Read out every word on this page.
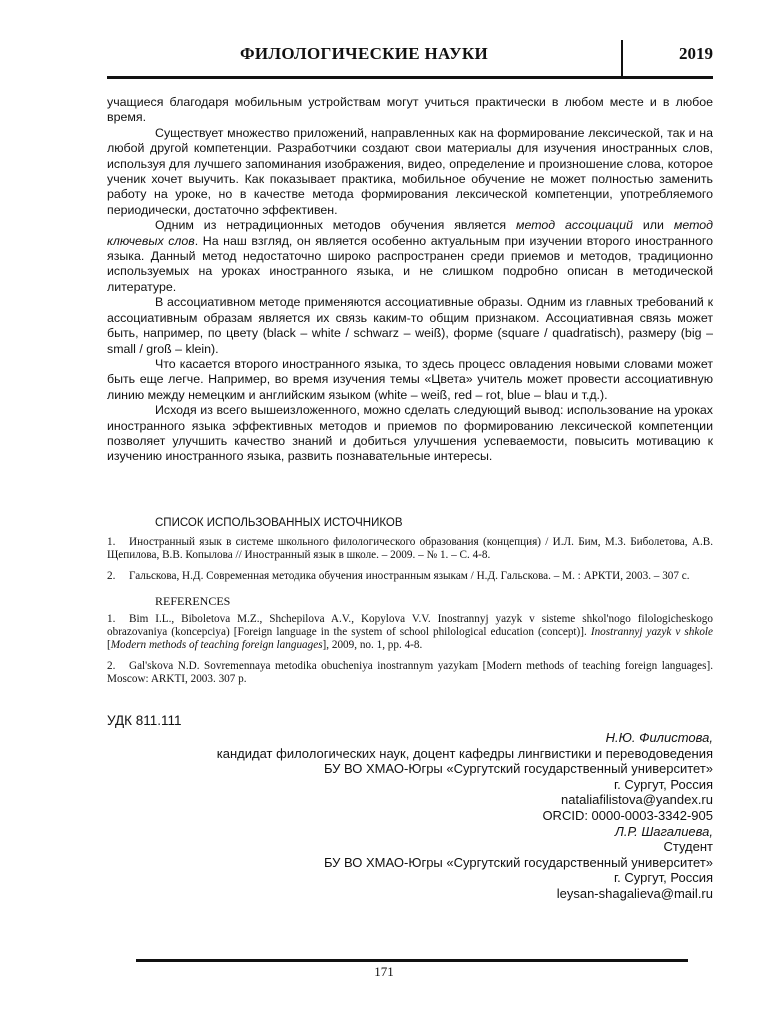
ФИЛОЛОГИЧЕСКИЕ НАУКИ	2019

учащиеся благодаря мобильным устройствам могут учиться практически в любом месте и в любое время.

Существует множество приложений, направленных как на формирование лексической, так и на любой другой компетенции. Разработчики создают свои материалы для изучения иностранных слов, используя для лучшего запоминания изображения, видео, определение и произношение слова, которое ученик хочет выучить. Как показывает практика, мобильное обучение не может полностью заменить работу на уроке, но в качестве метода формирования лексической компетенции, употребляемого периодически, достаточно эффективен.

Одним из нетрадиционных методов обучения является метод ассоциаций или метод ключевых слов. На наш взгляд, он является особенно актуальным при изучении второго иностранного языка. Данный метод недостаточно широко распространен среди приемов и методов, традиционно используемых на уроках иностранного языка, и не слишком подробно описан в методической литературе.

В ассоциативном методе применяются ассоциативные образы. Одним из главных требований к ассоциативным образам является их связь каким-то общим признаком. Ассоциативная связь может быть, например, по цвету (black – white / schwarz – weiß), форме (square / quadratisch), размеру (big – small / groß – klein).

Что касается второго иностранного языка, то здесь процесс овладения новыми словами может быть еще легче. Например, во время изучения темы «Цвета» учитель может провести ассоциативную линию между немецким и английским языком (white – weiß, red – rot, blue – blau и т.д.).

Исходя из всего вышеизложенного, можно сделать следующий вывод: использование на уроках иностранного языка эффективных методов и приемов по формированию лексической компетенции позволяет улучшить качество знаний и добиться улучшения успеваемости, повысить мотивацию к изучению иностранного языка, развить познавательные интересы.

СПИСОК ИСПОЛЬЗОВАННЫХ ИСТОЧНИКОВ
1. Иностранный язык в системе школьного филологического образования (концепция) / И.Л. Бим, М.З. Биболетова, А.В. Щепилова, В.В. Копылова // Иностранный язык в школе. – 2009. – № 1. – С. 4-8.
2. Гальскова, Н.Д. Современная методика обучения иностранным языкам / Н.Д. Гальскова. – М. : АРКТИ, 2003. – 307 с.
REFERENCES
1. Bim I.L., Biboletova M.Z., Shchepilova A.V., Kopylova V.V. Inostrannyj yazyk v sisteme shkol'nogo filologicheskogo obrazovaniya (koncepciya) [Foreign language in the system of school philological education (concept)]. Inostrannyj yazyk v shkole [Modern methods of teaching foreign languages], 2009, no. 1, pp. 4-8.
2. Gal'skova N.D. Sovremennaya metodika obucheniya inostrannym yazykam [Modern methods of teaching foreign languages]. Moscow: ARKTI, 2003. 307 p.
УДК 811.111
Н.Ю. Филистова,
кандидат филологических наук, доцент кафедры лингвистики и переводоведения
БУ ВО ХМАО-Югры «Сургутский государственный университет»
г. Сургут, Россия
nataliafilistova@yandex.ru
ORCID: 0000-0003-3342-905
Л.Р. Шагалиева,
Студент
БУ ВО ХМАО-Югры «Сургутский государственный университет»
г. Сургут, Россия
leysan-shagalieva@mail.ru
171
